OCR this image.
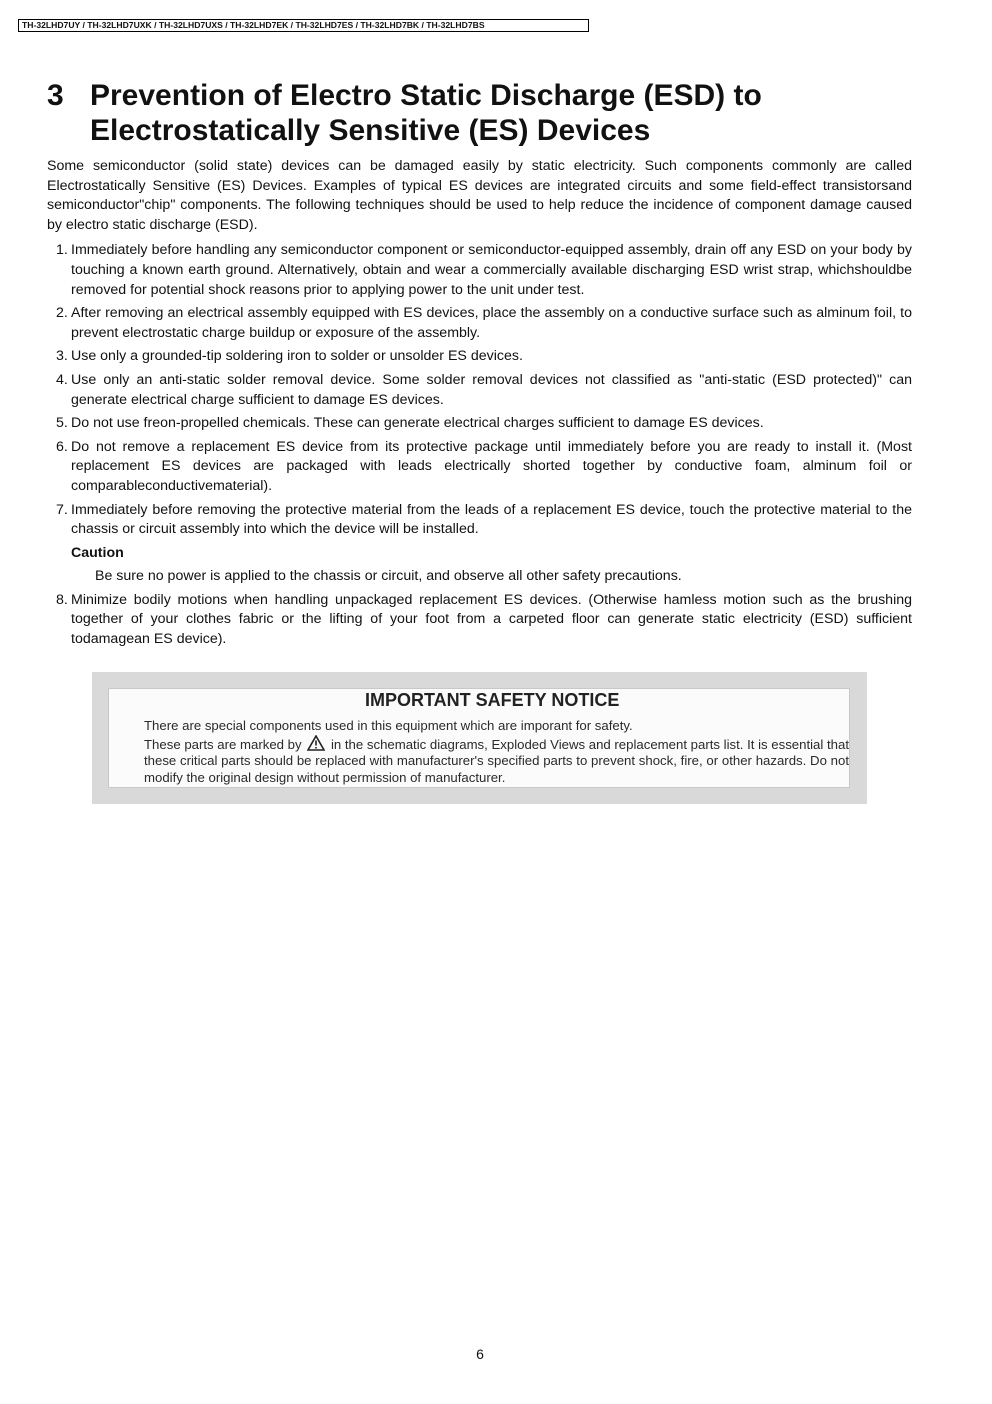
TH-32LHD7UY / TH-32LHD7UXK / TH-32LHD7UXS / TH-32LHD7EK / TH-32LHD7ES / TH-32LHD7BK / TH-32LHD7BS
3 Prevention of Electro Static Discharge (ESD) to Electrostatically Sensitive (ES) Devices

Some semiconductor (solid state) devices can be damaged easily by static electricity. Such components commonly are called Electrostatically Sensitive (ES) Devices. Examples of typical ES devices are integrated circuits and some field-effect transistorsand semiconductor"chip" components. The following techniques should be used to help reduce the incidence of component damage caused by electro static discharge (ESD).

1. Immediately before handling any semiconductor component or semiconductor-equipped assembly, drain off any ESD on your body by touching a known earth ground. Alternatively, obtain and wear a commercially available discharging ESD wrist strap, whichshouldbe removed for potential shock reasons prior to applying power to the unit under test.
2. After removing an electrical assembly equipped with ES devices, place the assembly on a conductive surface such as alminum foil, to prevent electrostatic charge buildup or exposure of the assembly.
3. Use only a grounded-tip soldering iron to solder or unsolder ES devices.
4. Use only an anti-static solder removal device. Some solder removal devices not classified as "anti-static (ESD protected)" can generate electrical charge sufficient to damage ES devices.
5. Do not use freon-propelled chemicals. These can generate electrical charges sufficient to damage ES devices.
6. Do not remove a replacement ES device from its protective package until immediately before you are ready to install it. (Most replacement ES devices are packaged with leads electrically shorted together by conductive foam, alminum foil or comparableconductivematerial).
7. Immediately before removing the protective material from the leads of a replacement ES device, touch the protective material to the chassis or circuit assembly into which the device will be installed.
Caution
Be sure no power is applied to the chassis or circuit, and observe all other safety precautions.
8. Minimize bodily motions when handling unpackaged replacement ES devices. (Otherwise hamless motion such as the brushing together of your clothes fabric or the lifting of your foot from a carpeted floor can generate static electricity (ESD) sufficient todamagean ES device).
IMPORTANT SAFETY NOTICE
There are special components used in this equipment which are imporant for safety.
These parts are marked by in the schematic diagrams, Exploded Views and replacement parts list. It is essential that these critical parts should be replaced with manufacturer's specified parts to prevent shock, fire, or other hazards. Do not modify the original design without permission of manufacturer.
6
